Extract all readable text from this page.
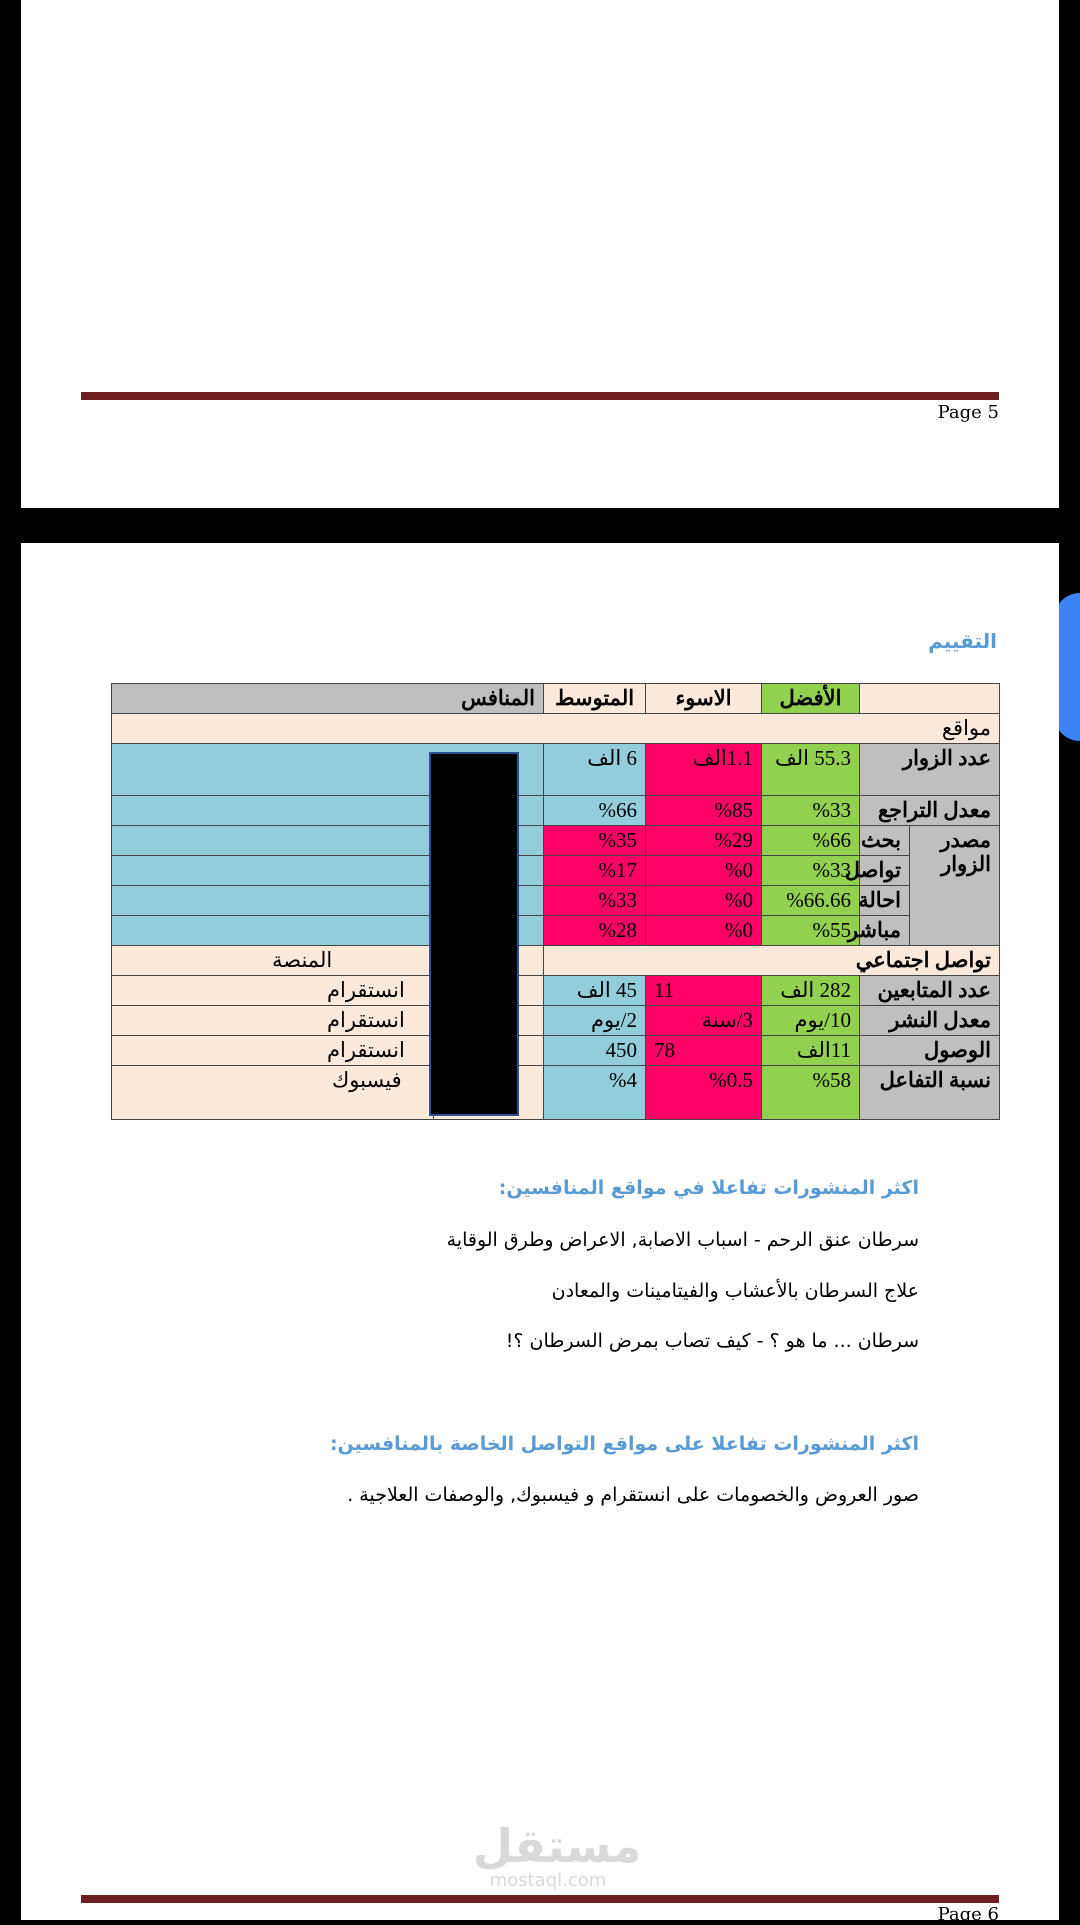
Page 5
التقييم
		الأفضل	الاسوء	المتوسط	المنافس	
مواقع						
عدد الزوار		55.3 الف	1.1الف	6 الف		
معدل التراجع		%33	%85	%66		
مصدر الزوار	بحث	%66	%29	%35		
	تواصل	%33	%0	%17		
	احالة	%66.66	%0	%33		
	مباشر	%55	%0	%28		
تواصل اجتماعي						المنصة
عدد المتابعين		282 الف	11	45 الف		انستقرام
معدل النشر		10/يوم	3/سنة	2/يوم		انستقرام
الوصول		11الف	78	450		انستقرام
نسبة التفاعل		%58	%0.5	%4		فيسبوك
اكثر المنشورات تفاعلا في مواقع المنافسين:
سرطان عنق الرحم - اسباب الاصابة, الاعراض وطرق الوقاية
علاج السرطان بالأعشاب والفيتامينات والمعادن
سرطان ... ما هو ؟ - كيف تصاب بمرض السرطان ؟!
اكثر المنشورات تفاعلا على مواقع التواصل الخاصة بالمنافسين:
صور العروض والخصومات على انستقرام و فيسبوك, والوصفات العلاجية .
مستقل
mostaql.com
Page 6
